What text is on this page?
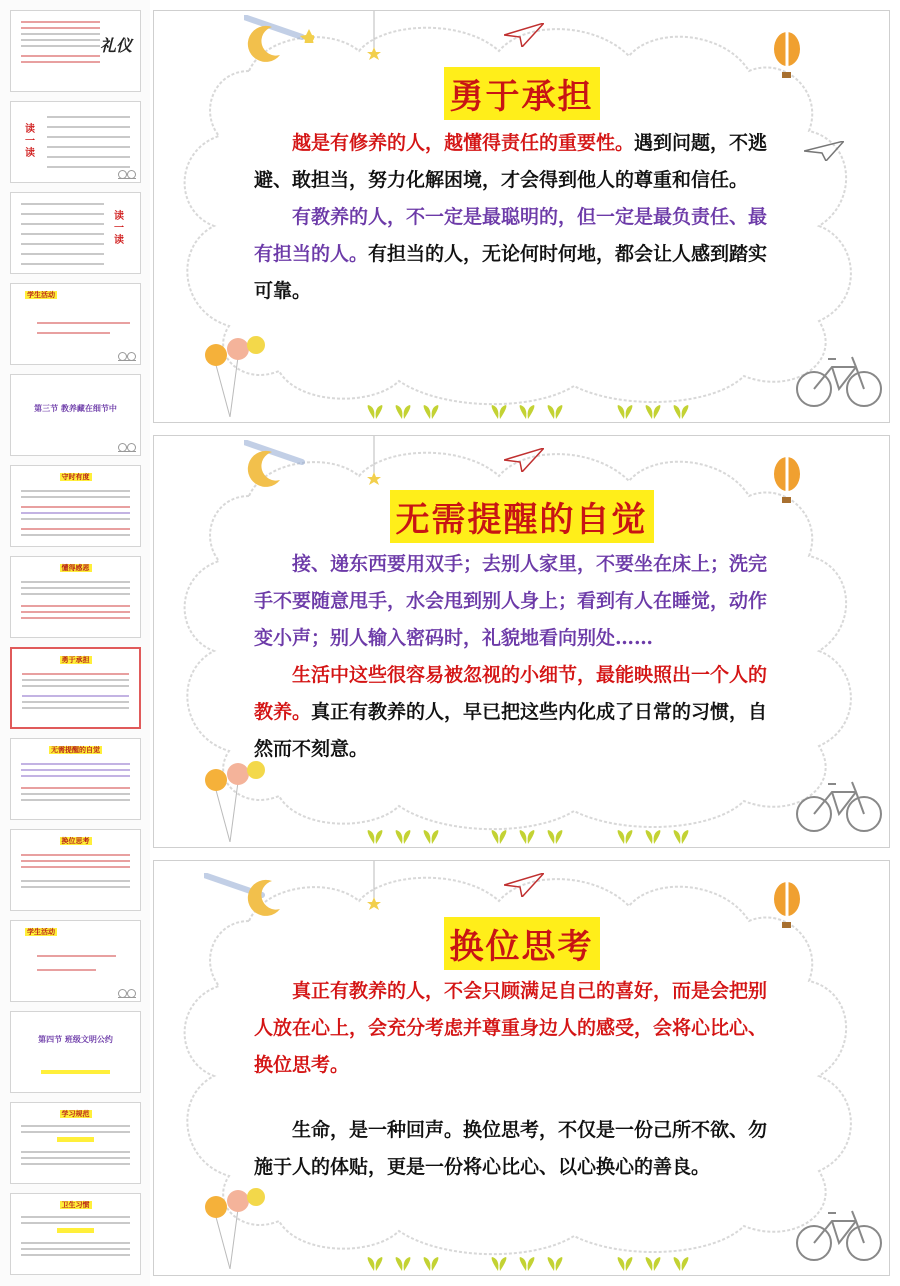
礼仪
读一读
读一读
学生活动
第三节 教养藏在细节中
守时有度
懂得感恩
勇于承担
无需提醒的自觉
换位思考
学生活动
第四节 班级文明公约
学习规范
卫生习惯
勇于承担

越是有修养的人，越懂得责任的重要性。遇到问题，不逃避、敢担当，努力化解困境，才会得到他人的尊重和信任。

有教养的人，不一定是最聪明的，但一定是最负责任、最有担当的人。有担当的人，无论何时何地，都会让人感到踏实可靠。

无需提醒的自觉

接、递东西要用双手；去别人家里，不要坐在床上；洗完手不要随意甩手，水会甩到别人身上；看到有人在睡觉，动作变小声；别人输入密码时，礼貌地看向别处……

生活中这些很容易被忽视的小细节，最能映照出一个人的教养。真正有教养的人，早已把这些内化成了日常的习惯，自然而不刻意。

换位思考

真正有教养的人，不会只顾满足自己的喜好，而是会把别人放在心上，会充分考虑并尊重身边人的感受，会将心比心、换位思考。

生命，是一种回声。换位思考，不仅是一份己所不欲、勿施于人的体贴，更是一份将心比心、以心换心的善良。
